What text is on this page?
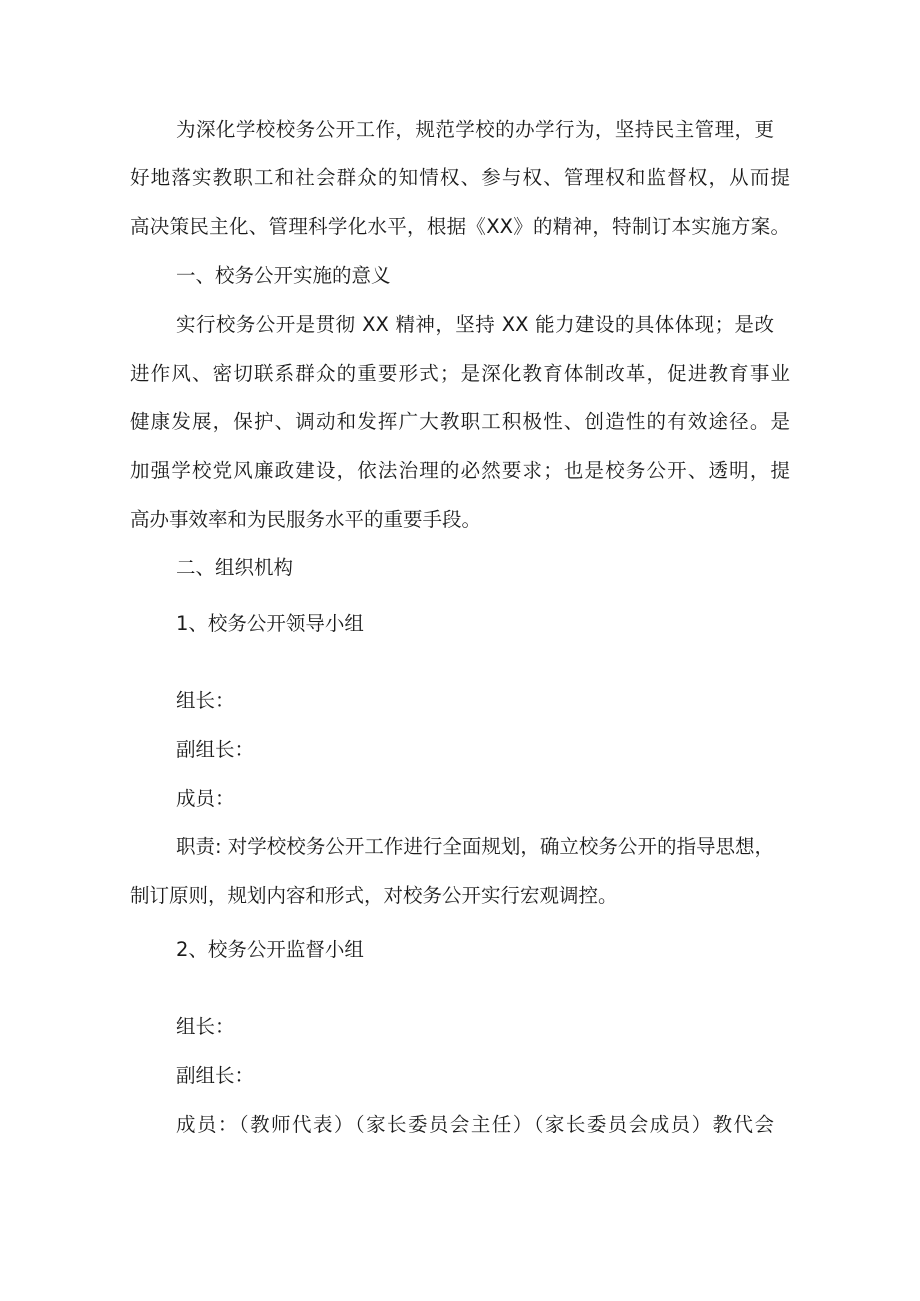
为深化学校校务公开工作，规范学校的办学行为，坚持民主管理，更
好地落实教职工和社会群众的知情权、参与权、管理权和监督权，从而提
高决策民主化、管理科学化水平，根据《XX》的精神，特制订本实施方案。
一、校务公开实施的意义
实行校务公开是贯彻 XX 精神，坚持 XX 能力建设的具体体现；是改
进作风、密切联系群众的重要形式；是深化教育体制改革，促进教育事业
健康发展，保护、调动和发挥广大教职工积极性、创造性的有效途径。是
加强学校党风廉政建设，依法治理的必然要求；也是校务公开、透明，提
高办事效率和为民服务水平的重要手段。
二、组织机构
1、校务公开领导小组
组长：
副组长：
成员：
职责: 对学校校务公开工作进行全面规划，确立校务公开的指导思想，
制订原则，规划内容和形式，对校务公开实行宏观调控。
2、校务公开监督小组
组长：
副组长：
成员：（教师代表）（家长委员会主任）（家长委员会成员）教代会
